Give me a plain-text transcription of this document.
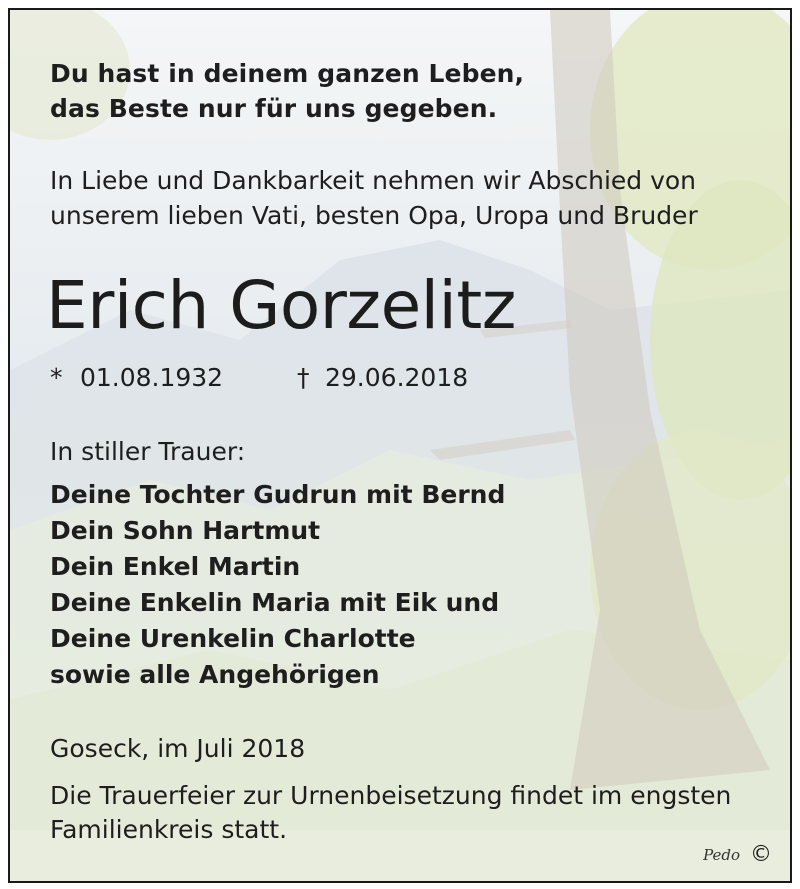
Du hast in deinem ganzen Leben,
das Beste nur für uns gegeben.
In Liebe und Dankbarkeit nehmen wir Abschied von
unserem lieben Vati, besten Opa, Uropa und Bruder
Erich Gorzelitz
* 01.08.1932	† 29.06.2018
In stiller Trauer:
Deine Tochter Gudrun mit Bernd
Dein Sohn Hartmut
Dein Enkel Martin
Deine Enkelin Maria mit Eik und
Deine Urenkelin Charlotte
sowie alle Angehörigen
Goseck, im Juli 2018
Die Trauerfeier zur Urnenbeisetzung findet im engsten
Familienkreis statt.
Pedo ©
